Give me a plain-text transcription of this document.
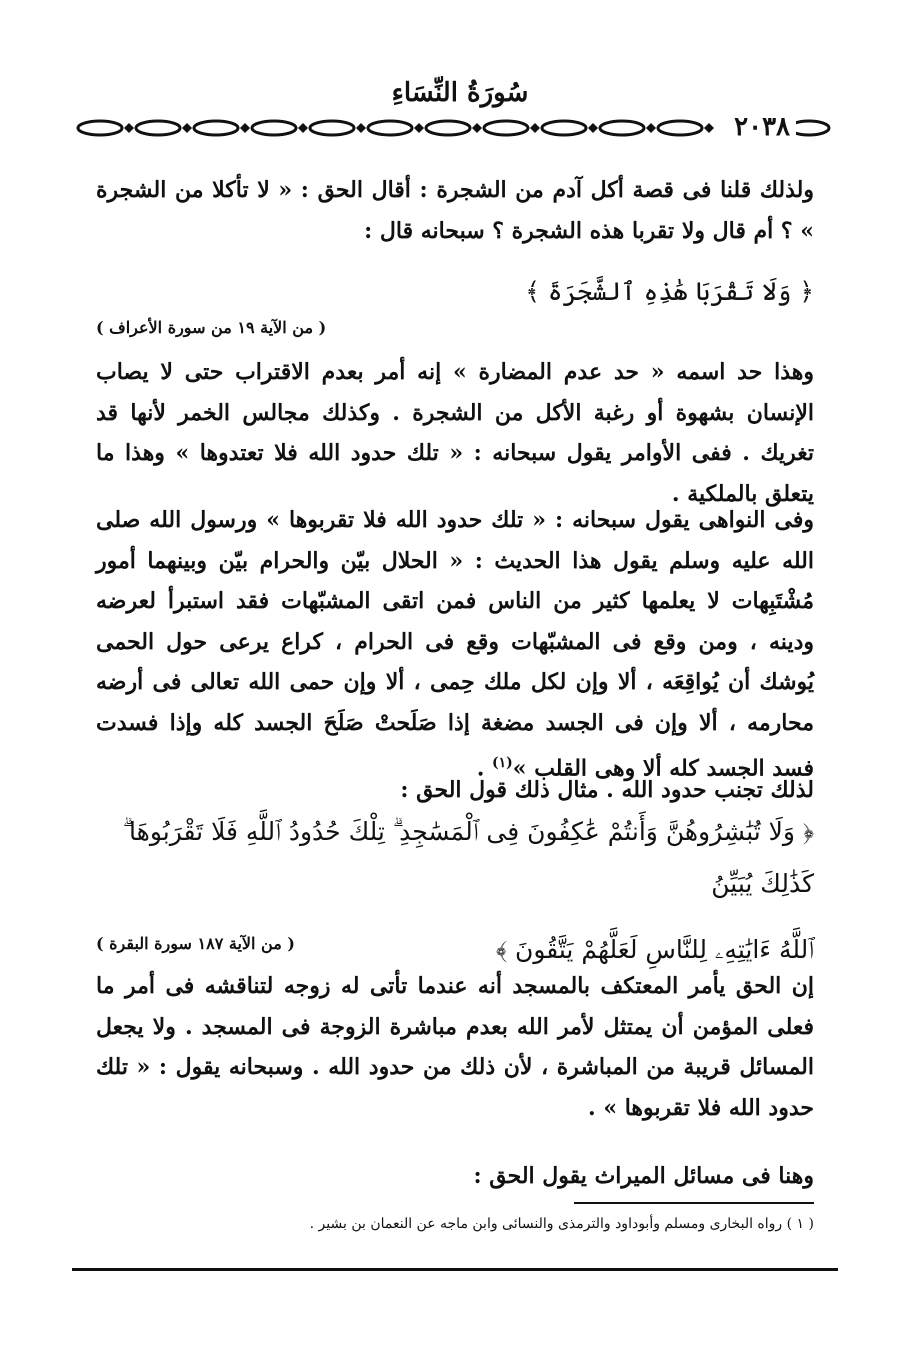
سُورَةُ النِّسَاءِ
٢٠٣٨

ولذلك قلنا فى قصة أكل آدم من الشجرة : أقال الحق : « لا تأكلا من الشجرة » ؟ أم قال ولا تقربا هذه الشجرة ؟ سبحانه قال :

﴿ وَلَا تَقْرَبَا هَٰذِهِ ٱلشَّجَرَةَ ﴾

( من الآية ١٩ من سورة الأعراف )

وهذا حد اسمه « حد عدم المضارة » إنه أمر بعدم الاقتراب حتى لا يصاب الإنسان بشهوة أو رغبة الأكل من الشجرة . وكذلك مجالس الخمر لأنها قد تغريك . ففى الأوامر يقول سبحانه : « تلك حدود الله فلا تعتدوها » وهذا ما يتعلق بالملكية .

وفى النواهى يقول سبحانه : « تلك حدود الله فلا تقربوها » ورسول الله صلى الله عليه وسلم يقول هذا الحديث : « الحلال بيّن والحرام بيّن وبينهما أمور مُشْتَبِهات لا يعلمها كثير من الناس فمن اتقى المشبّهات فقد استبرأ لعرضه ودينه ، ومن وقع فى المشبّهات وقع فى الحرام ، كراع يرعى حول الحمى يُوشك أن يُواقِعَه ، ألا وإن لكل ملك حِمى ، ألا وإن حمى الله تعالى فى أرضه محارمه ، ألا وإن فى الجسد مضغة إذا صَلَحتْ صَلَحَ الجسد كله وإذا فسدت فسد الجسد كله ألا وهى القلب »$^{(١)}$ .

لذلك تجنب حدود الله . مثال ذلك قول الحق :

﴿ وَلَا تُبَٰشِرُوهُنَّ وَأَنتُمْ عَٰكِفُونَ فِى ٱلْمَسَٰجِدِ ۗ تِلْكَ حُدُودُ ٱللَّهِ فَلَا تَقْرَبُوهَا ۗ كَذَٰلِكَ يُبَيِّنُ

ٱللَّهُ ءَايَٰتِهِۦ لِلنَّاسِ لَعَلَّهُمْ يَتَّقُونَ ﴾

( من الآية ١٨٧ سورة البقرة )

إن الحق يأمر المعتكف بالمسجد أنه عندما تأتى له زوجه لتناقشه فى أمر ما فعلى المؤمن أن يمتثل لأمر الله بعدم مباشرة الزوجة فى المسجد . ولا يجعل المسائل قريبة من المباشرة ، لأن ذلك من حدود الله . وسبحانه يقول : « تلك حدود الله فلا تقربوها » .

وهنا فى مسائل الميراث يقول الحق :

( ١ ) رواه البخارى ومسلم وأبوداود والترمذى والنسائى وابن ماجه عن النعمان بن بشير .
